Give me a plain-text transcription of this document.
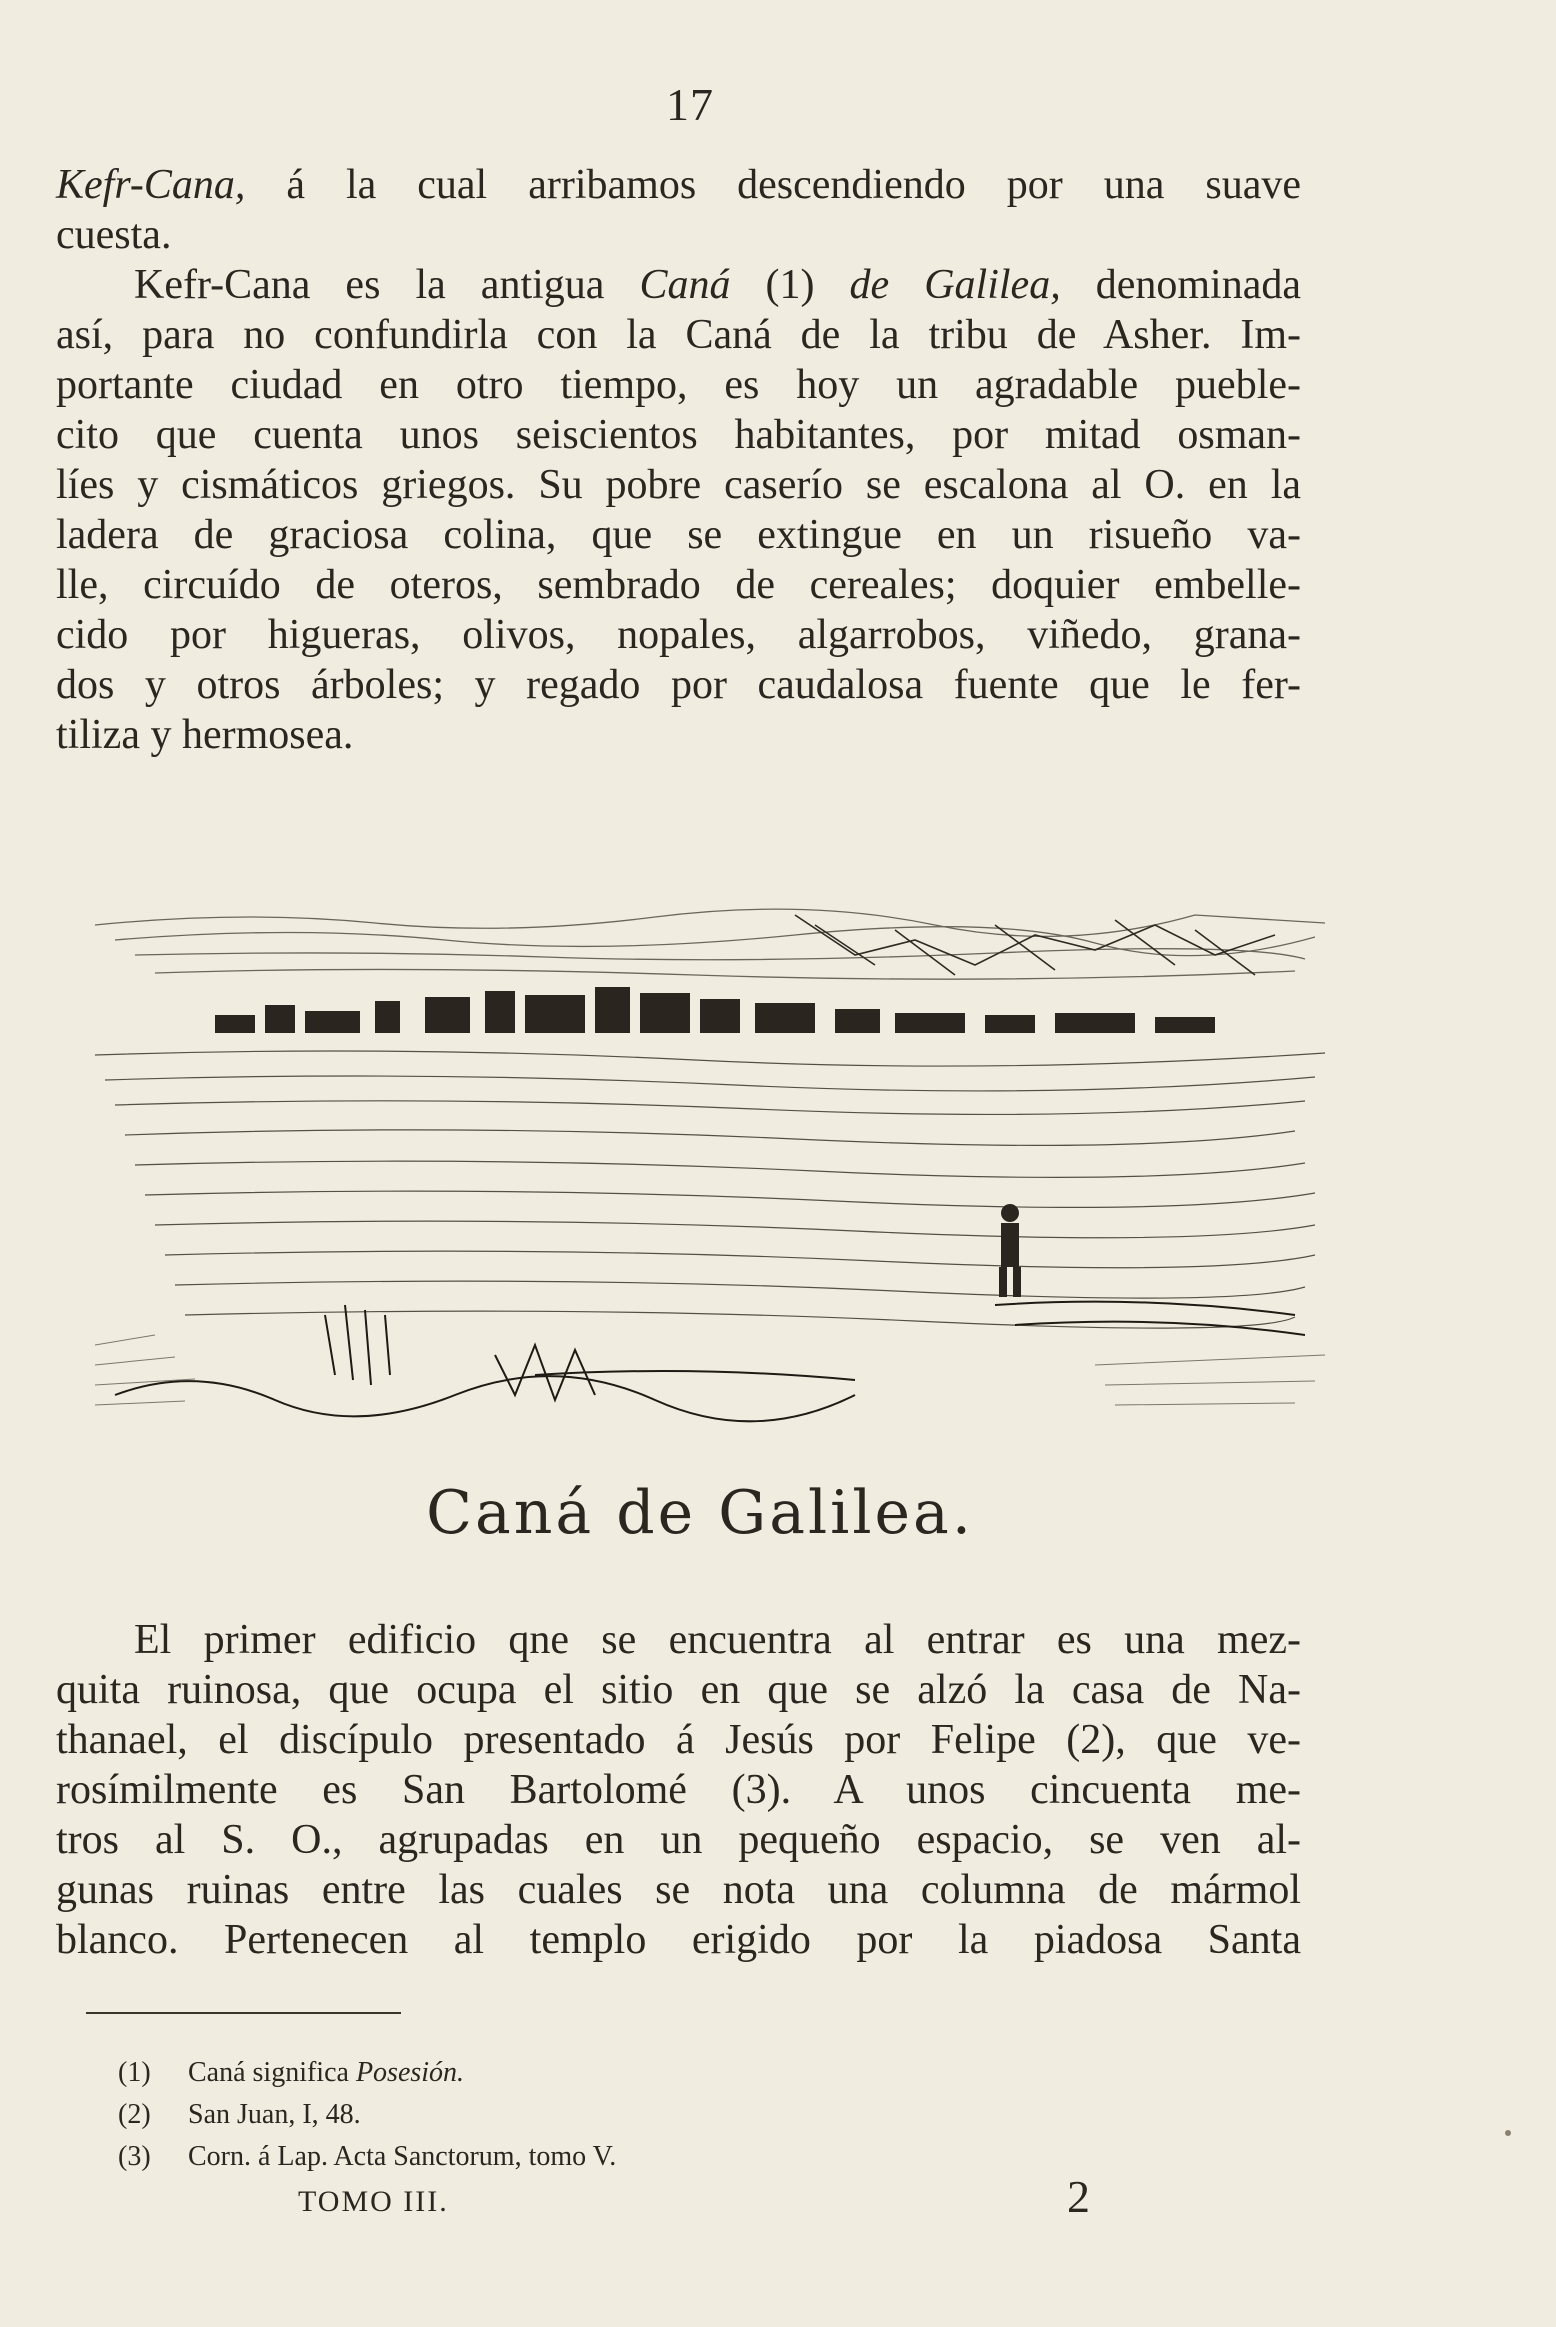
17
Kefr-Cana, á la cual arribamos descendiendo por una suave
cuesta.
Kefr-Cana es la antigua Caná (1) de Galilea, denominada
así, para no confundirla con la Caná de la tribu de Asher. Im-
portante ciudad en otro tiempo, es hoy un agradable pueble-
cito que cuenta unos seiscientos habitantes, por mitad osman-
líes y cismáticos griegos. Su pobre caserío se escalona al O. en la
ladera de graciosa colina, que se extingue en un risueño va-
lle, circuído de oteros, sembrado de cereales; doquier embelle-
cido por higueras, olivos, nopales, algarrobos, viñedo, grana-
dos y otros árboles; y regado por caudalosa fuente que le fer-
tiliza y hermosea.
Caná de Galilea.
El primer edificio qne se encuentra al entrar es una mez-
quita ruinosa, que ocupa el sitio en que se alzó la casa de Na-
thanael, el discípulo presentado á Jesús por Felipe (2), que ve-
rosímilmente es San Bartolomé (3). A unos cincuenta me-
tros al S. O., agrupadas en un pequeño espacio, se ven al-
gunas ruinas entre las cuales se nota una columna de mármol
blanco. Pertenecen al templo erigido por la piadosa Santa
(1) Caná significa Posesión.
(2) San Juan, I, 48.
(3) Corn. á Lap. Acta Sanctorum, tomo V.
TOMO III.	2
